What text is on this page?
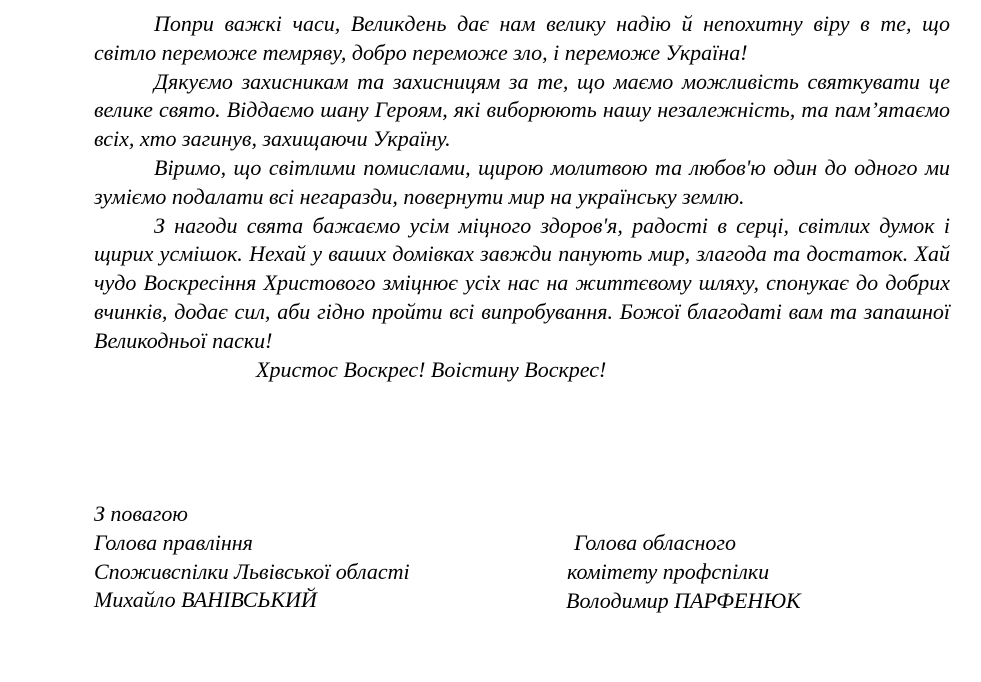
Попри важкі часи, Великдень дає нам велику надію й непохитну віру в те, що світло переможе темряву, добро переможе зло, і переможе Україна!

Дякуємо захисникам та захисницям за те, що маємо можливість святкувати це велике свято. Віддаємо шану Героям, які виборюють нашу незалежність, та пам’ятаємо всіх, хто загинув, захищаючи Україну.

Віримо, що світлими помислами, щирою молитвою та любов'ю один до одного ми зуміємо подалати всі негаразди, повернути мир на українську землю.

З нагоди свята бажаємо усім міцного здоров'я, радості в серці, світлих думок і щирих усмішок. Нехай у ваших домівках завжди панують мир, злагода та достаток. Хай чудо Воскресіння Христового зміцнює усіх нас на життєвому шляху, спонукає до добрих вчинків, додає сил, аби гідно пройти всі випробування. Божої благодаті вам та запашної Великодньої паски!

Христос Воскрес! Воістину Воскрес!

З повагою
Голова правління
Споживспілки Львівської області
Михайло ВАНІВСЬКИЙ
Голова обласного
комітету профспілки
Володимир ПАРФЕНЮК
